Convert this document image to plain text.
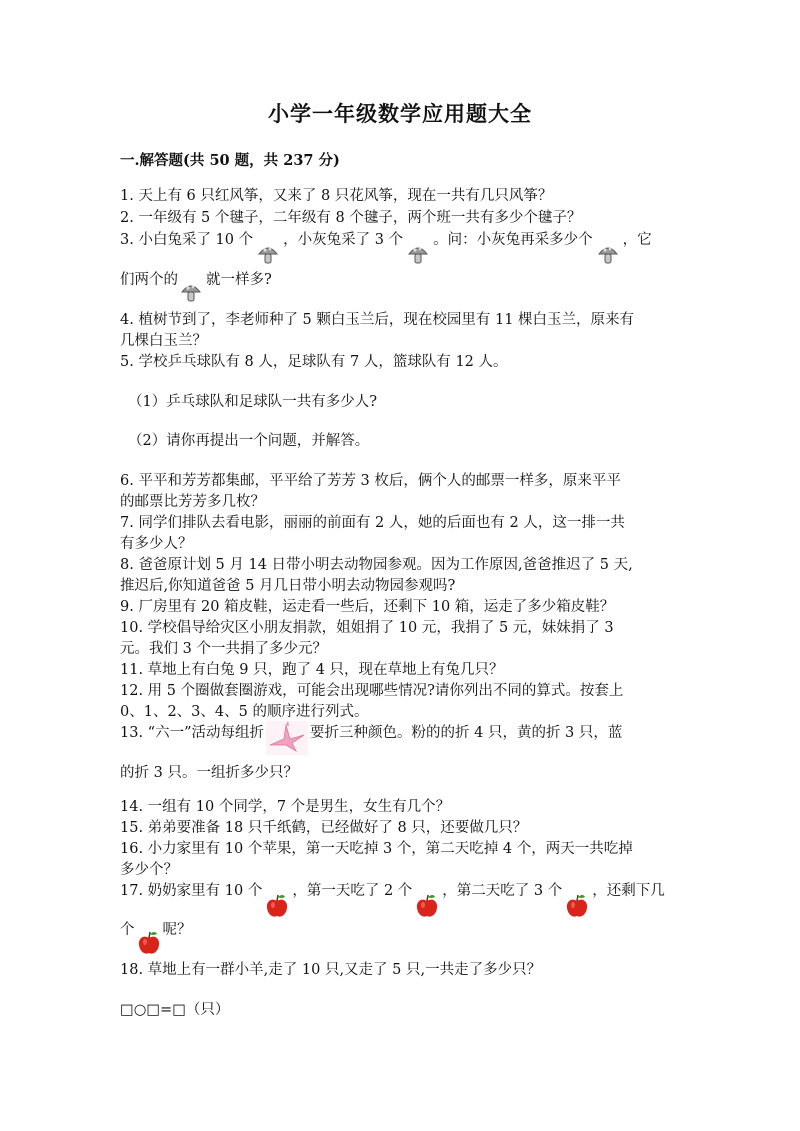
小学一年级数学应用题大全
一.解答题(共 50 题，共 237 分)
1. 天上有 6 只红风筝，又来了 8 只花风筝，现在一共有几只风筝？
2. 一年级有 5 个毽子，二年级有 8 个毽子，两个班一共有多少个毽子？
3. 小白兔采了 10 个 ，小灰兔采了 3 个 。问：小灰兔再采多少个 ，它
们两个的 就一样多?
4. 植树节到了，李老师种了 5 颗白玉兰后，现在校园里有 11 棵白玉兰，原来有
几棵白玉兰？
5. 学校乒乓球队有 8 人，足球队有 7 人，篮球队有 12 人。
（1）乒乓球队和足球队一共有多少人?
（2）请你再提出一个问题，并解答。
6. 平平和芳芳都集邮，平平给了芳芳 3 枚后，俩个人的邮票一样多，原来平平
的邮票比芳芳多几枚？
7. 同学们排队去看电影，丽丽的前面有 2 人，她的后面也有 2 人，这一排一共
有多少人？
8. 爸爸原计划 5 月 14 日带小明去动物园参观。因为工作原因,爸爸推迟了 5 天,
推迟后,你知道爸爸 5 月几日带小明去动物园参观吗?
9. 厂房里有 20 箱皮鞋，运走看一些后，还剩下 10 箱，运走了多少箱皮鞋？
10. 学校倡导给灾区小朋友捐款，姐姐捐了 10 元，我捐了 5 元，妹妹捐了 3
元。我们 3 个一共捐了多少元？
11. 草地上有白兔 9 只，跑了 4 只，现在草地上有兔几只？
12. 用 5 个圈做套圈游戏，可能会出现哪些情况?请你列出不同的算式。按套上
0、1、2、3、4、5 的顺序进行列式。
13. “六一”活动每组折	要折三种颜色。粉的的折 4 只，黄的折 3 只，蓝
的折 3 只。一组折多少只？
14. 一组有 10 个同学，7 个是男生，女生有几个？
15. 弟弟要准备 18 只千纸鹤，已经做好了 8 只，还要做几只？
16. 小力家里有 10 个苹果，第一天吃掉 3 个，第二天吃掉 4 个，两天一共吃掉
多少个？
17. 奶奶家里有 10 个 ，第一天吃了 2 个 ，第二天吃了 3 个 ，还剩下几
个 呢？
18. 草地上有一群小羊,走了 10 只,又走了 5 只,一共走了多少只？
□○□=□（只）
